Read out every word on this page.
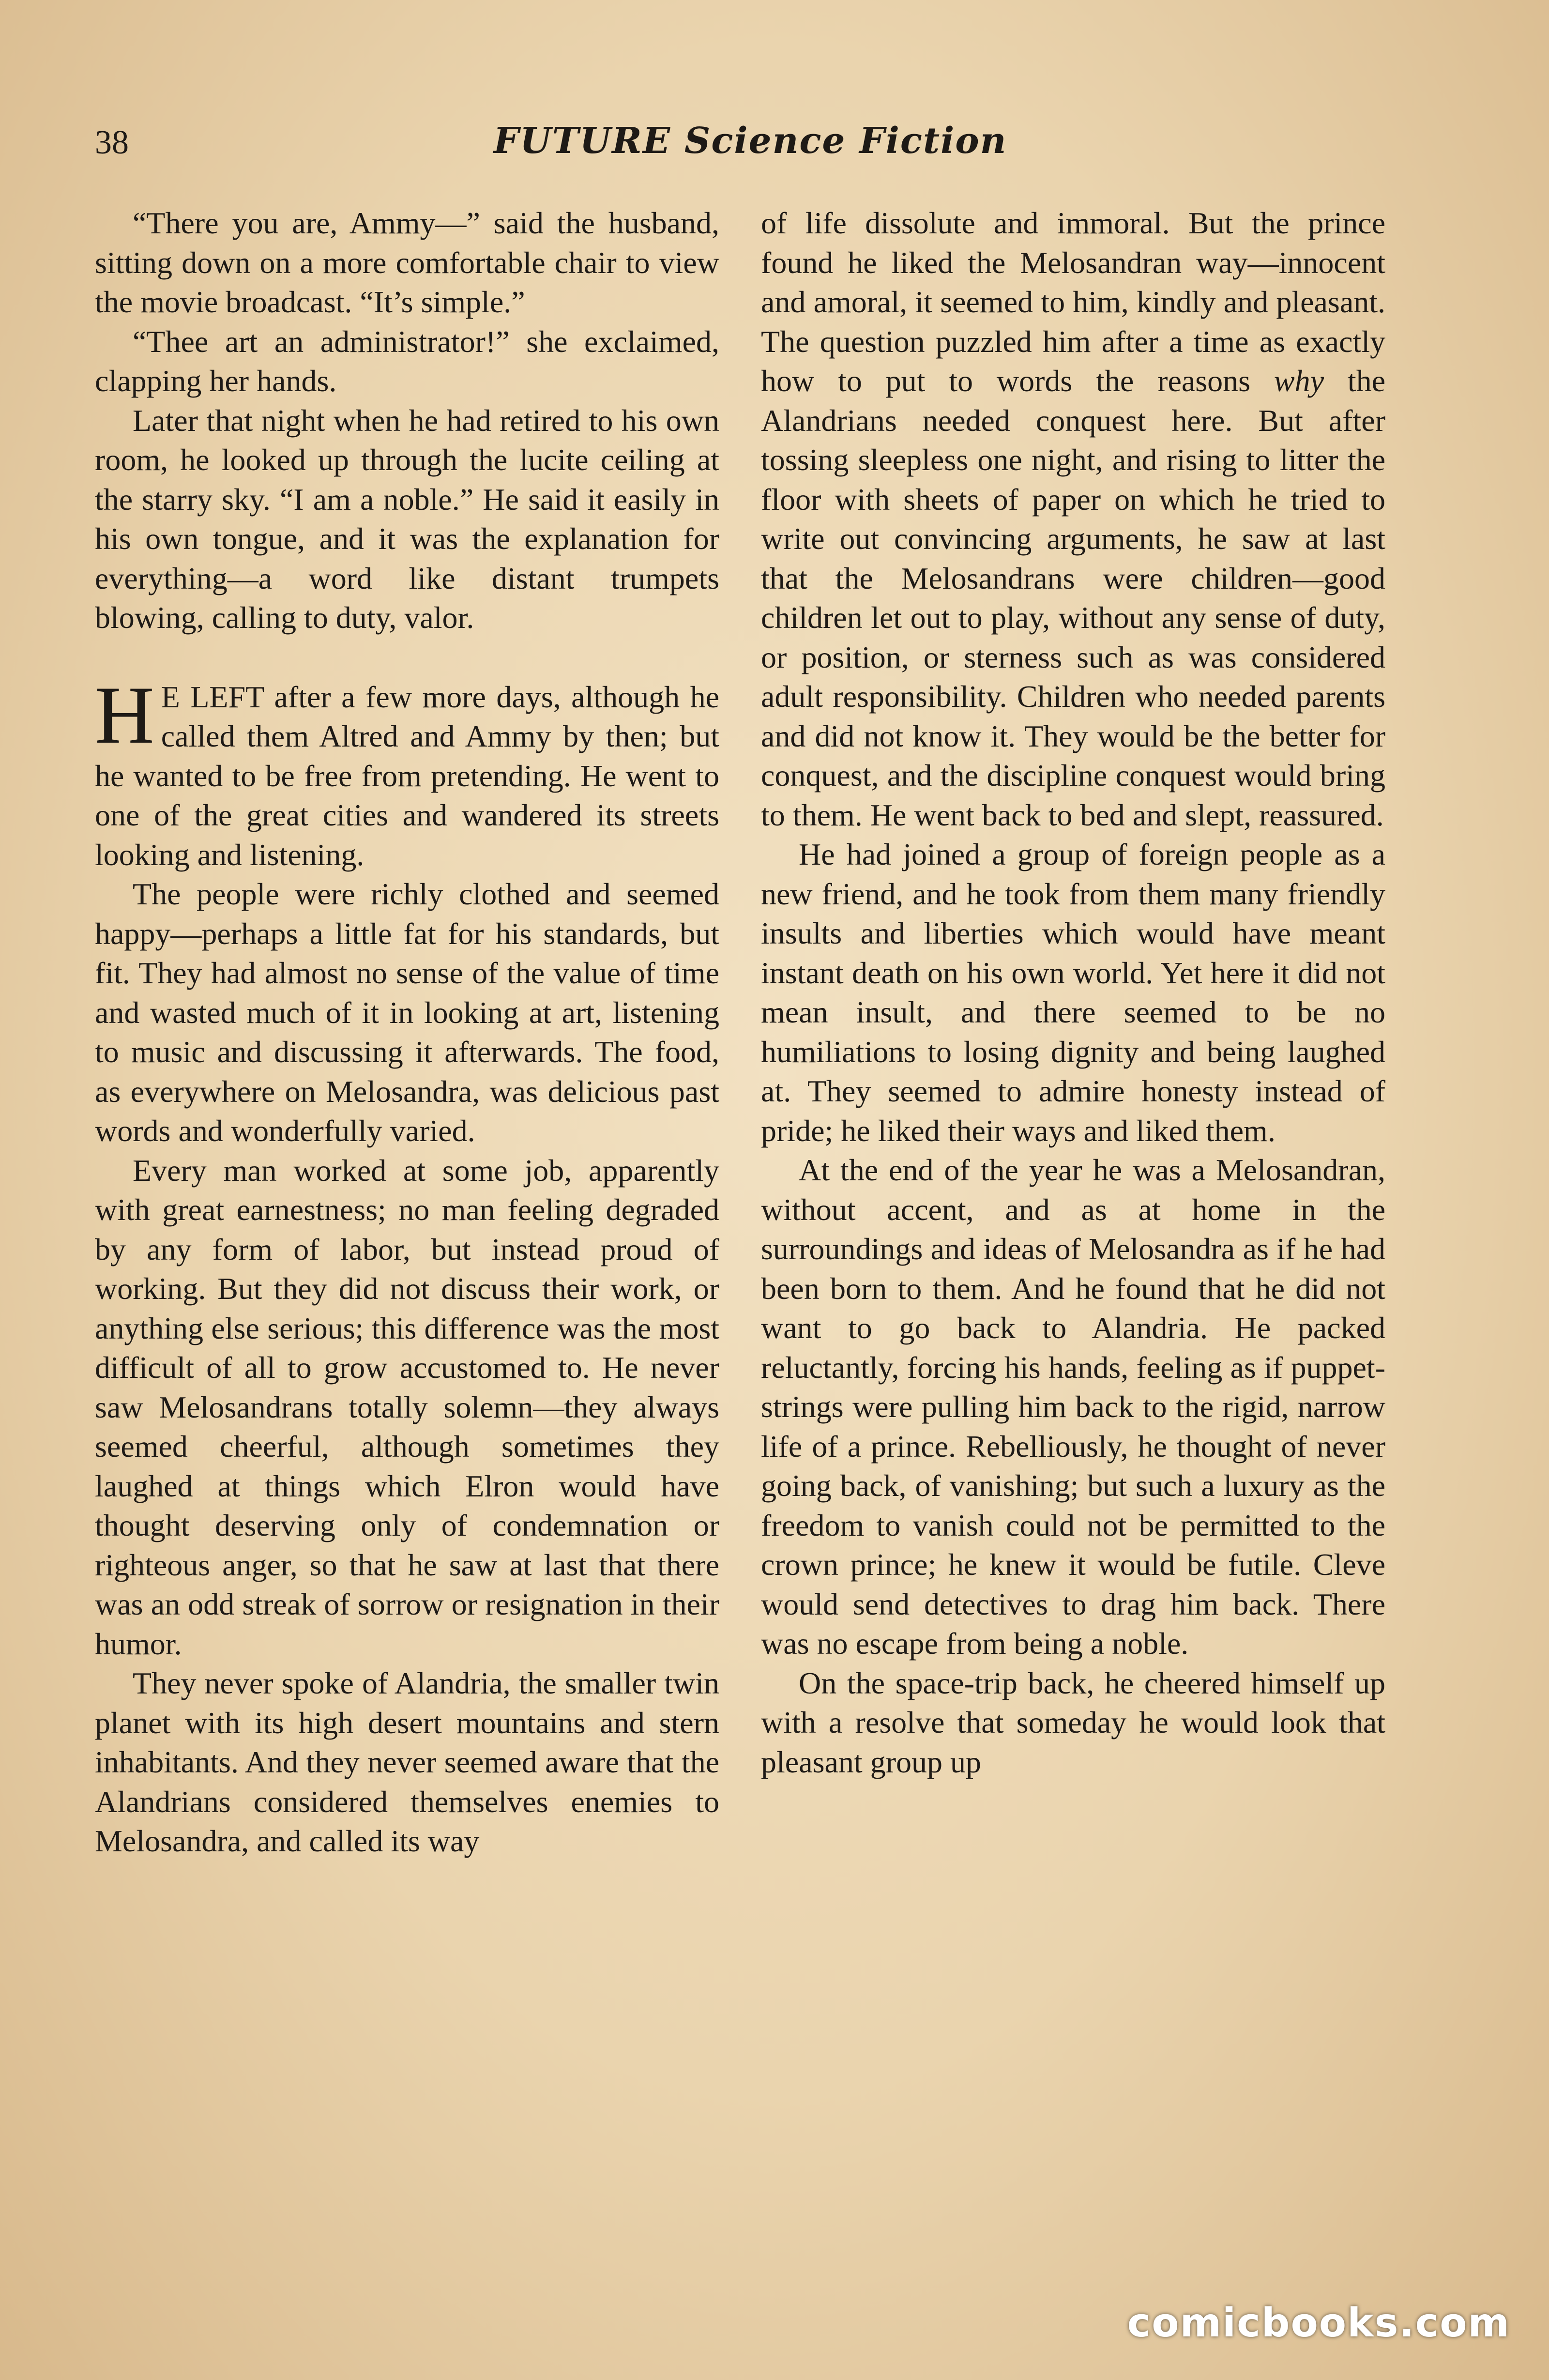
38	FUTURE Science Fiction

“There you are, Ammy—” said the husband, sitting down on a more comfortable chair to view the movie broadcast. “It’s simple.”

“Thee art an administrator!” she exclaimed, clapping her hands.

Later that night when he had retired to his own room, he looked up through the lucite ceiling at the starry sky. “I am a noble.” He said it easily in his own tongue, and it was the explanation for everything—a word like distant trumpets blowing, calling to duty, valor.

H E LEFT after a few more days, although he called them Altred and Ammy by then; but he wanted to be free from pretending. He went to one of the great cities and wandered its streets looking and listening.

The people were richly clothed and seemed happy—perhaps a little fat for his standards, but fit. They had almost no sense of the value of time and wasted much of it in looking at art, listening to music and discussing it afterwards. The food, as everywhere on Melosandra, was delicious past words and wonderfully varied.

Every man worked at some job, apparently with great earnestness; no man feeling degraded by any form of labor, but instead proud of working. But they did not discuss their work, or anything else serious; this difference was the most difficult of all to grow accustomed to. He never saw Melosandrans totally solemn—they always seemed cheerful, although sometimes they laughed at things which Elron would have thought deserving only of condemnation or righteous anger, so that he saw at last that there was an odd streak of sorrow or resignation in their humor.

They never spoke of Alandria, the smaller twin planet with its high desert mountains and stern inhabitants. And they never seemed aware that the Alandrians considered themselves enemies to Melosandra, and called its way

of life dissolute and immoral. But the prince found he liked the Melosandran way—innocent and amoral, it seemed to him, kindly and pleasant. The question puzzled him after a time as exactly how to put to words the reasons why the Alandrians needed conquest here. But after tossing sleepless one night, and rising to litter the floor with sheets of paper on which he tried to write out convincing arguments, he saw at last that the Melosandrans were children—good children let out to play, without any sense of duty, or position, or sterness such as was considered adult responsibility. Children who needed parents and did not know it. They would be the better for conquest, and the discipline conquest would bring to them. He went back to bed and slept, reassured.

He had joined a group of foreign people as a new friend, and he took from them many friendly insults and liberties which would have meant instant death on his own world. Yet here it did not mean insult, and there seemed to be no humiliations to losing dignity and being laughed at. They seemed to admire honesty instead of pride; he liked their ways and liked them.

At the end of the year he was a Melosandran, without accent, and as at home in the surroundings and ideas of Melosandra as if he had been born to them. And he found that he did not want to go back to Alandria. He packed reluctantly, forcing his hands, feeling as if puppet-strings were pulling him back to the rigid, narrow life of a prince. Rebelliously, he thought of never going back, of vanishing; but such a luxury as the freedom to vanish could not be permitted to the crown prince; he knew it would be futile. Cleve would send detectives to drag him back. There was no escape from being a noble.

On the space-trip back, he cheered himself up with a resolve that someday he would look that pleasant group up

comicbooks.com
